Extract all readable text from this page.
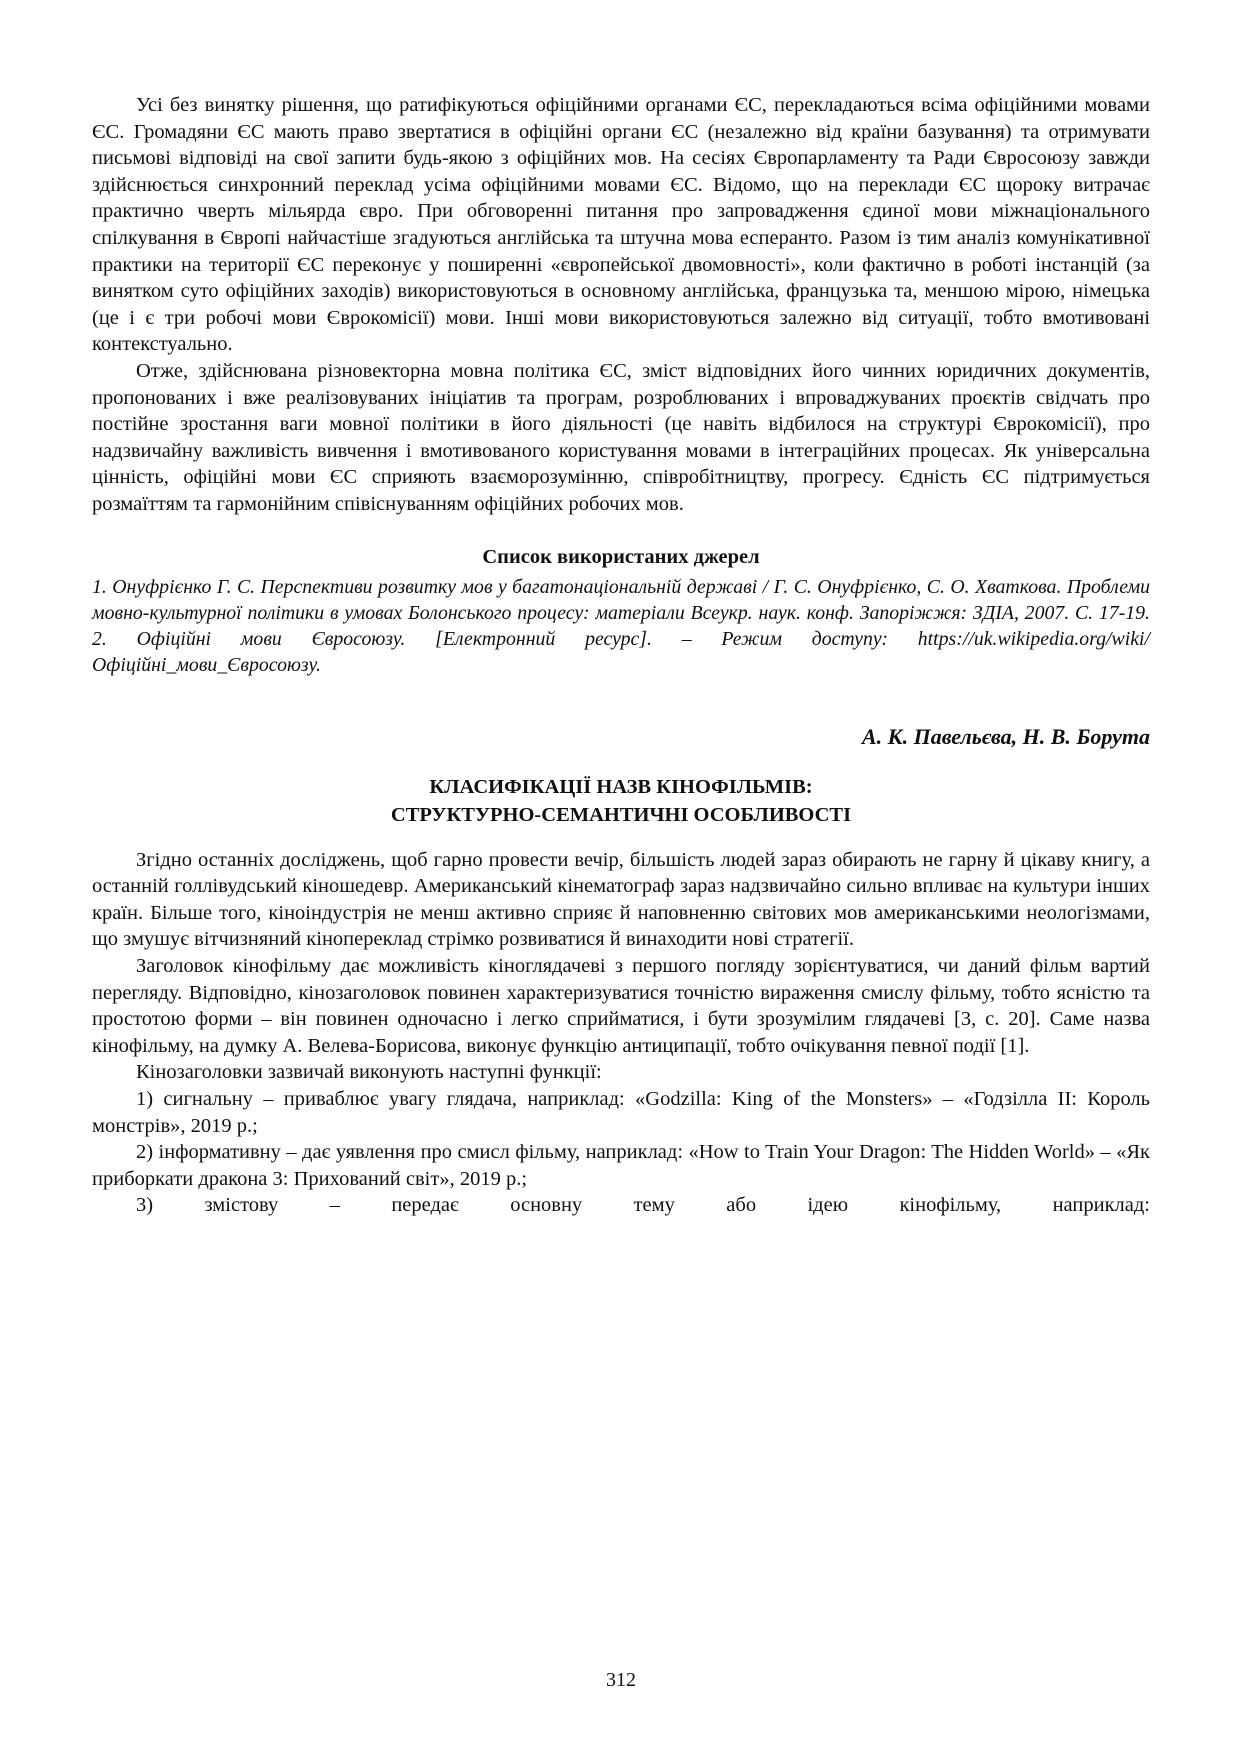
Усі без винятку рішення, що ратифікуються офіційними органами ЄС, перекладаються всіма офіційними мовами ЄС. Громадяни ЄС мають право звертатися в офіційні органи ЄС (незалежно від країни базування) та отримувати письмові відповіді на свої запити будь-якою з офіційних мов. На сесіях Європарламенту та Ради Євросоюзу завжди здійснюється синхронний переклад усіма офіційними мовами ЄС. Відомо, що на переклади ЄС щороку витрачає практично чверть мільярда євро. При обговоренні питання про запровадження єдиної мови міжнаціонального спілкування в Європі найчастіше згадуються англійська та штучна мова есперанто. Разом із тим аналіз комунікативної практики на території ЄС переконує у поширенні «європейської двомовності», коли фактично в роботі інстанцій (за винятком суто офіційних заходів) використовуються в основному англійська, французька та, меншою мірою, німецька (це і є три робочі мови Єврокомісії) мови. Інші мови використовуються залежно від ситуації, тобто вмотивовані контекстуально.

Отже, здійснювана різновекторна мовна політика ЄС, зміст відповідних його чинних юридичних документів, пропонованих і вже реалізовуваних ініціатив та програм, розроблюваних і впроваджуваних проєктів свідчать про постійне зростання ваги мовної політики в його діяльності (це навіть відбилося на структурі Єврокомісії), про надзвичайну важливість вивчення і вмотивованого користування мовами в інтеграційних процесах. Як універсальна цінність, офіційні мови ЄС сприяють взаєморозумінню, співробітництву, прогресу. Єдність ЄС підтримується розмаїттям та гармонійним співіснуванням офіційних робочих мов.

Список використаних джерел

1. Онуфрієнко Г. С. Перспективи розвитку мов у багатонаціональній державі / Г. С. Онуфрієнко, С. О. Хваткова. Проблеми мовно-культурної політики в умовах Болонського процесу: матеріали Всеукр. наук. конф. Запоріжжя: ЗДІА, 2007. С. 17-19. 2. Офіційні мови Євросоюзу. [Електронний ресурс]. – Режим доступу: https://uk.wikipedia.org/wiki/Офіційні_мови_Євросоюзу.

А. К. Павельєва, Н. В. Борута
КЛАСИФІКАЦІЇ НАЗВ КІНОФІЛЬМІВ:
СТРУКТУРНО-СЕМАНТИЧНІ ОСОБЛИВОСТІ

Згідно останніх досліджень, щоб гарно провести вечір, більшість людей зараз обирають не гарну й цікаву книгу, а останній голлівудський кіношедевр. Американський кінематограф зараз надзвичайно сильно впливає на культури інших країн. Більше того, кіноіндустрія не менш активно сприяє й наповненню світових мов американськими неологізмами, що змушує вітчизняний кінопереклад стрімко розвиватися й винаходити нові стратегії.

Заголовок кінофільму дає можливість кіноглядачеві з першого погляду зорієнтуватися, чи даний фільм вартий перегляду. Відповідно, кінозаголовок повинен характеризуватися точністю вираження смислу фільму, тобто ясністю та простотою форми – він повинен одночасно і легко сприйматися, і бути зрозумілим глядачеві [3, с. 20]. Саме назва кінофільму, на думку А. Велева-Борисова, виконує функцію антиципації, тобто очікування певної події [1].

Кінозаголовки зазвичай виконують наступні функції:

1) сигнальну – приваблює увагу глядача, наприклад: «Godzilla: King of the Monsters» – «Годзілла ІІ: Король монстрів», 2019 р.;

2) інформативну – дає уявлення про смисл фільму, наприклад: «How to Train Your Dragon: The Hidden World» – «Як приборкати дракона 3: Прихований світ», 2019 р.;

3) змістову – передає основну тему або ідею кінофільму, наприклад:

312
